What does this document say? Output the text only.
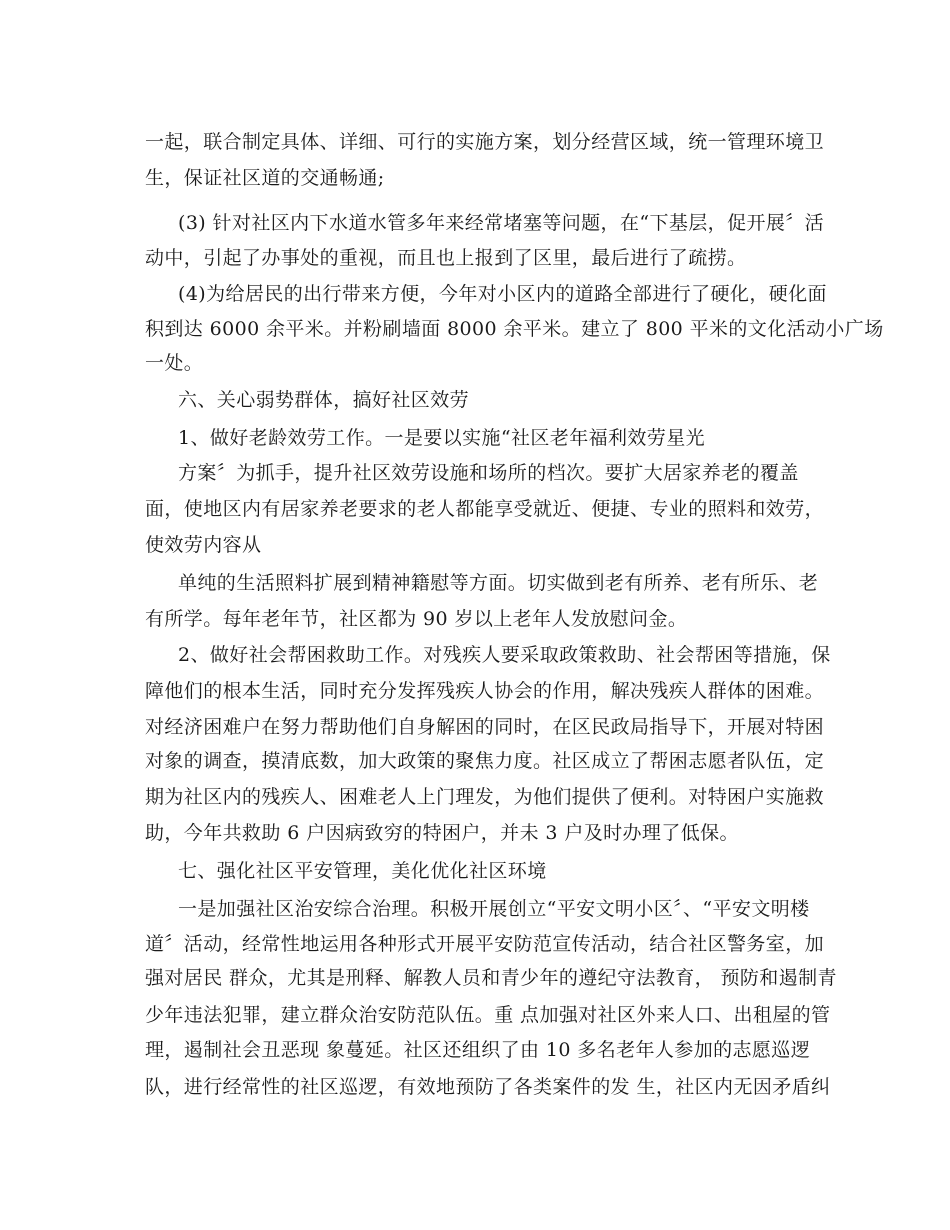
一起，联合制定具体、详细、可行的实施方案，划分经营区域，统一管理环境卫
生，保证社区道的交通畅通;
(3) 针对社区内下水道水管多年来经常堵塞等问题，在“下基层，促开展〞活
动中，引起了办事处的重视，而且也上报到了区里，最后进行了疏捞。
(4)为给居民的出行带来方便，今年对小区内的道路全部进行了硬化，硬化面
积到达 6000 余平米。并粉刷墙面 8000 余平米。建立了 800 平米的文化活动小广场
一处。
六、关心弱势群体，搞好社区效劳
1、做好老龄效劳工作。一是要以实施“社区老年福利效劳星光
方案〞为抓手，提升社区效劳设施和场所的档次。要扩大居家养老的覆盖
面，使地区内有居家养老要求的老人都能享受就近、便捷、专业的照料和效劳，
使效劳内容从
单纯的生活照料扩展到精神籍慰等方面。切实做到老有所养、老有所乐、老
有所学。每年老年节，社区都为 90 岁以上老年人发放慰问金。
2、做好社会帮困救助工作。对残疾人要采取政策救助、社会帮困等措施，保
障他们的根本生活，同时充分发挥残疾人协会的作用，解决残疾人群体的困难。
对经济困难户在努力帮助他们自身解困的同时，在区民政局指导下，开展对特困
对象的调查，摸清底数，加大政策的聚焦力度。社区成立了帮困志愿者队伍，定
期为社区内的残疾人、困难老人上门理发，为他们提供了便利。对特困户实施救
助，今年共救助 6 户因病致穷的特困户，并未 3 户及时办理了低保。
七、强化社区平安管理，美化优化社区环境
一是加强社区治安综合治理。积极开展创立“平安文明小区〞、“平安文明楼
道〞活动，经常性地运用各种形式开展平安防范宣传活动，结合社区警务室，加
强对居民 群众，尤其是刑释、解教人员和青少年的遵纪守法教育， 预防和遏制青
少年违法犯罪，建立群众治安防范队伍。重 点加强对社区外来人口、出租屋的管
理，遏制社会丑恶现 象蔓延。社区还组织了由 10 多名老年人参加的志愿巡逻
队，进行经常性的社区巡逻，有效地预防了各类案件的发 生，社区内无因矛盾纠
